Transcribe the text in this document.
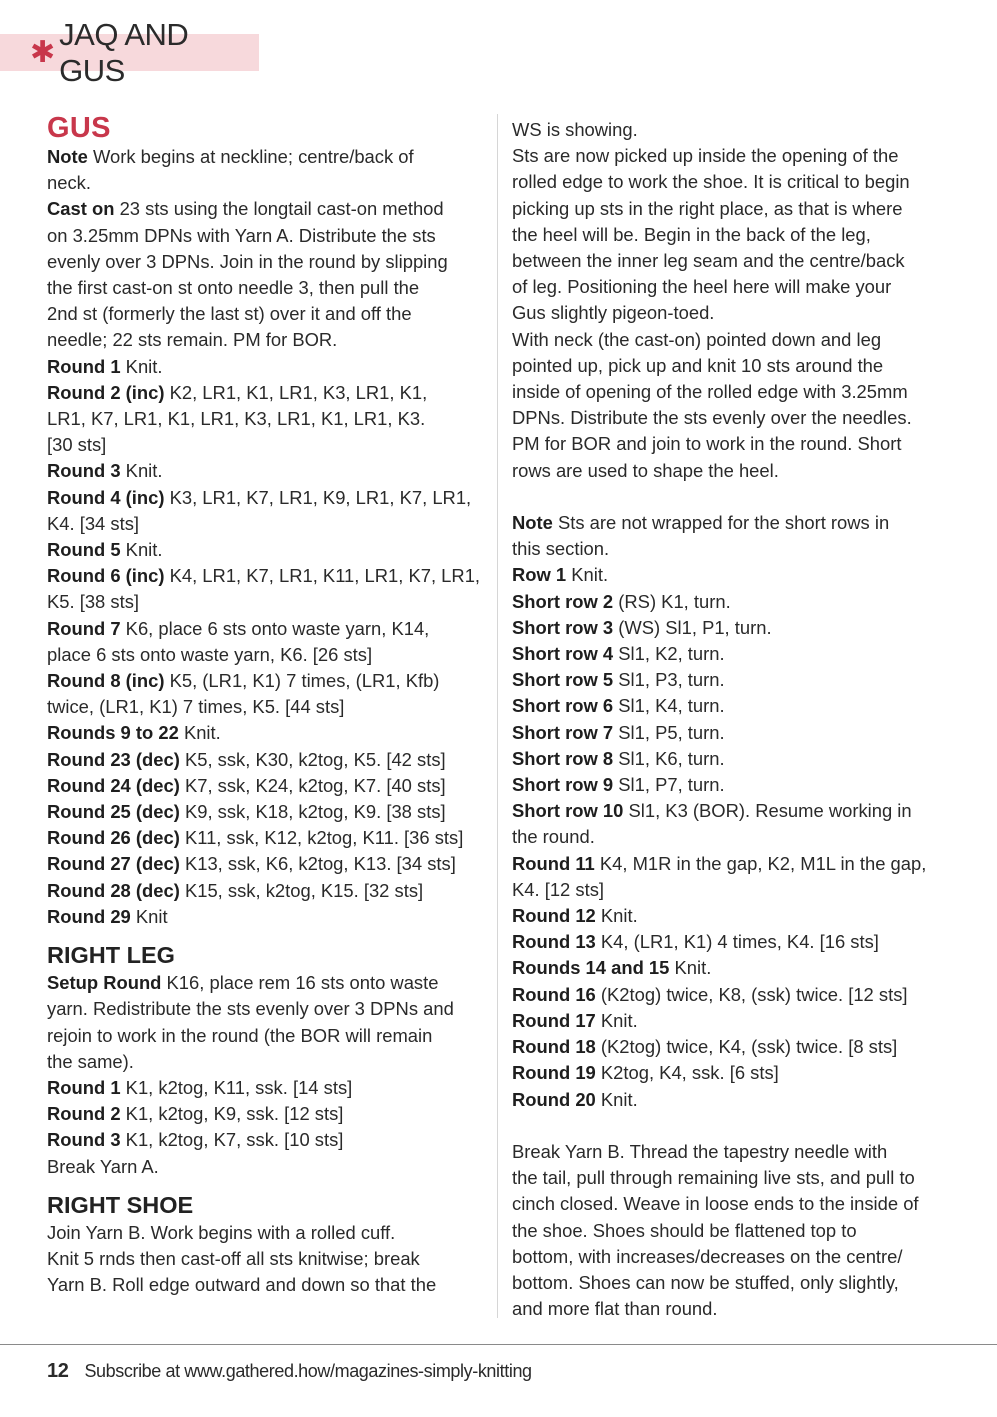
✱
JAQ AND GUS
GUS
Note Work begins at neckline; centre/back of
neck.
Cast on 23 sts using the longtail cast-on method
on 3.25mm DPNs with Yarn A. Distribute the sts
evenly over 3 DPNs. Join in the round by slipping
the first cast-on st onto needle 3, then pull the
2nd st (formerly the last st) over it and off the
needle; 22 sts remain. PM for BOR.
Round 1 Knit.
Round 2 (inc) K2, LR1, K1, LR1, K3, LR1, K1,
LR1, K7, LR1, K1, LR1, K3, LR1, K1, LR1, K3.
[30 sts]
Round 3 Knit.
Round 4 (inc) K3, LR1, K7, LR1, K9, LR1, K7, LR1,
K4. [34 sts]
Round 5 Knit.
Round 6 (inc) K4, LR1, K7, LR1, K11, LR1, K7, LR1,
K5. [38 sts]
Round 7 K6, place 6 sts onto waste yarn, K14,
place 6 sts onto waste yarn, K6. [26 sts]
Round 8 (inc) K5, (LR1, K1) 7 times, (LR1, Kfb)
twice, (LR1, K1) 7 times, K5. [44 sts]
Rounds 9 to 22 Knit.
Round 23 (dec) K5, ssk, K30, k2tog, K5. [42 sts]
Round 24 (dec) K7, ssk, K24, k2tog, K7. [40 sts]
Round 25 (dec) K9, ssk, K18, k2tog, K9. [38 sts]
Round 26 (dec) K11, ssk, K12, k2tog, K11. [36 sts]
Round 27 (dec) K13, ssk, K6, k2tog, K13. [34 sts]
Round 28 (dec) K15, ssk, k2tog, K15. [32 sts]
Round 29 Knit
RIGHT LEG
Setup Round K16, place rem 16 sts onto waste
yarn. Redistribute the sts evenly over 3 DPNs and
rejoin to work in the round (the BOR will remain
the same).
Round 1 K1, k2tog, K11, ssk. [14 sts]
Round 2 K1, k2tog, K9, ssk. [12 sts]
Round 3 K1, k2tog, K7, ssk. [10 sts]
Break Yarn A.
RIGHT SHOE
Join Yarn B. Work begins with a rolled cuff.
Knit 5 rnds then cast-off all sts knitwise; break
Yarn B. Roll edge outward and down so that the
WS is showing.
Sts are now picked up inside the opening of the
rolled edge to work the shoe. It is critical to begin
picking up sts in the right place, as that is where
the heel will be. Begin in the back of the leg,
between the inner leg seam and the centre/back
of leg. Positioning the heel here will make your
Gus slightly pigeon-toed.
With neck (the cast-on) pointed down and leg
pointed up, pick up and knit 10 sts around the
inside of opening of the rolled edge with 3.25mm
DPNs. Distribute the sts evenly over the needles.
PM for BOR and join to work in the round. Short
rows are used to shape the heel.
Note Sts are not wrapped for the short rows in
this section.
Row 1 Knit.
Short row 2 (RS) K1, turn.
Short row 3 (WS) Sl1, P1, turn.
Short row 4 Sl1, K2, turn.
Short row 5 Sl1, P3, turn.
Short row 6 Sl1, K4, turn.
Short row 7 Sl1, P5, turn.
Short row 8 Sl1, K6, turn.
Short row 9 Sl1, P7, turn.
Short row 10 Sl1, K3 (BOR). Resume working in
the round.
Round 11 K4, M1R in the gap, K2, M1L in the gap,
K4. [12 sts]
Round 12 Knit.
Round 13 K4, (LR1, K1) 4 times, K4. [16 sts]
Rounds 14 and 15 Knit.
Round 16 (K2tog) twice, K8, (ssk) twice. [12 sts]
Round 17 Knit.
Round 18 (K2tog) twice, K4, (ssk) twice. [8 sts]
Round 19 K2tog, K4, ssk. [6 sts]
Round 20 Knit.
Break Yarn B. Thread the tapestry needle with
the tail, pull through remaining live sts, and pull to
cinch closed. Weave in loose ends to the inside of
the shoe. Shoes should be flattened top to
bottom, with increases/decreases on the centre/
bottom. Shoes can now be stuffed, only slightly,
and more flat than round.
12 Subscribe at www.gathered.how/magazines-simply-knitting
